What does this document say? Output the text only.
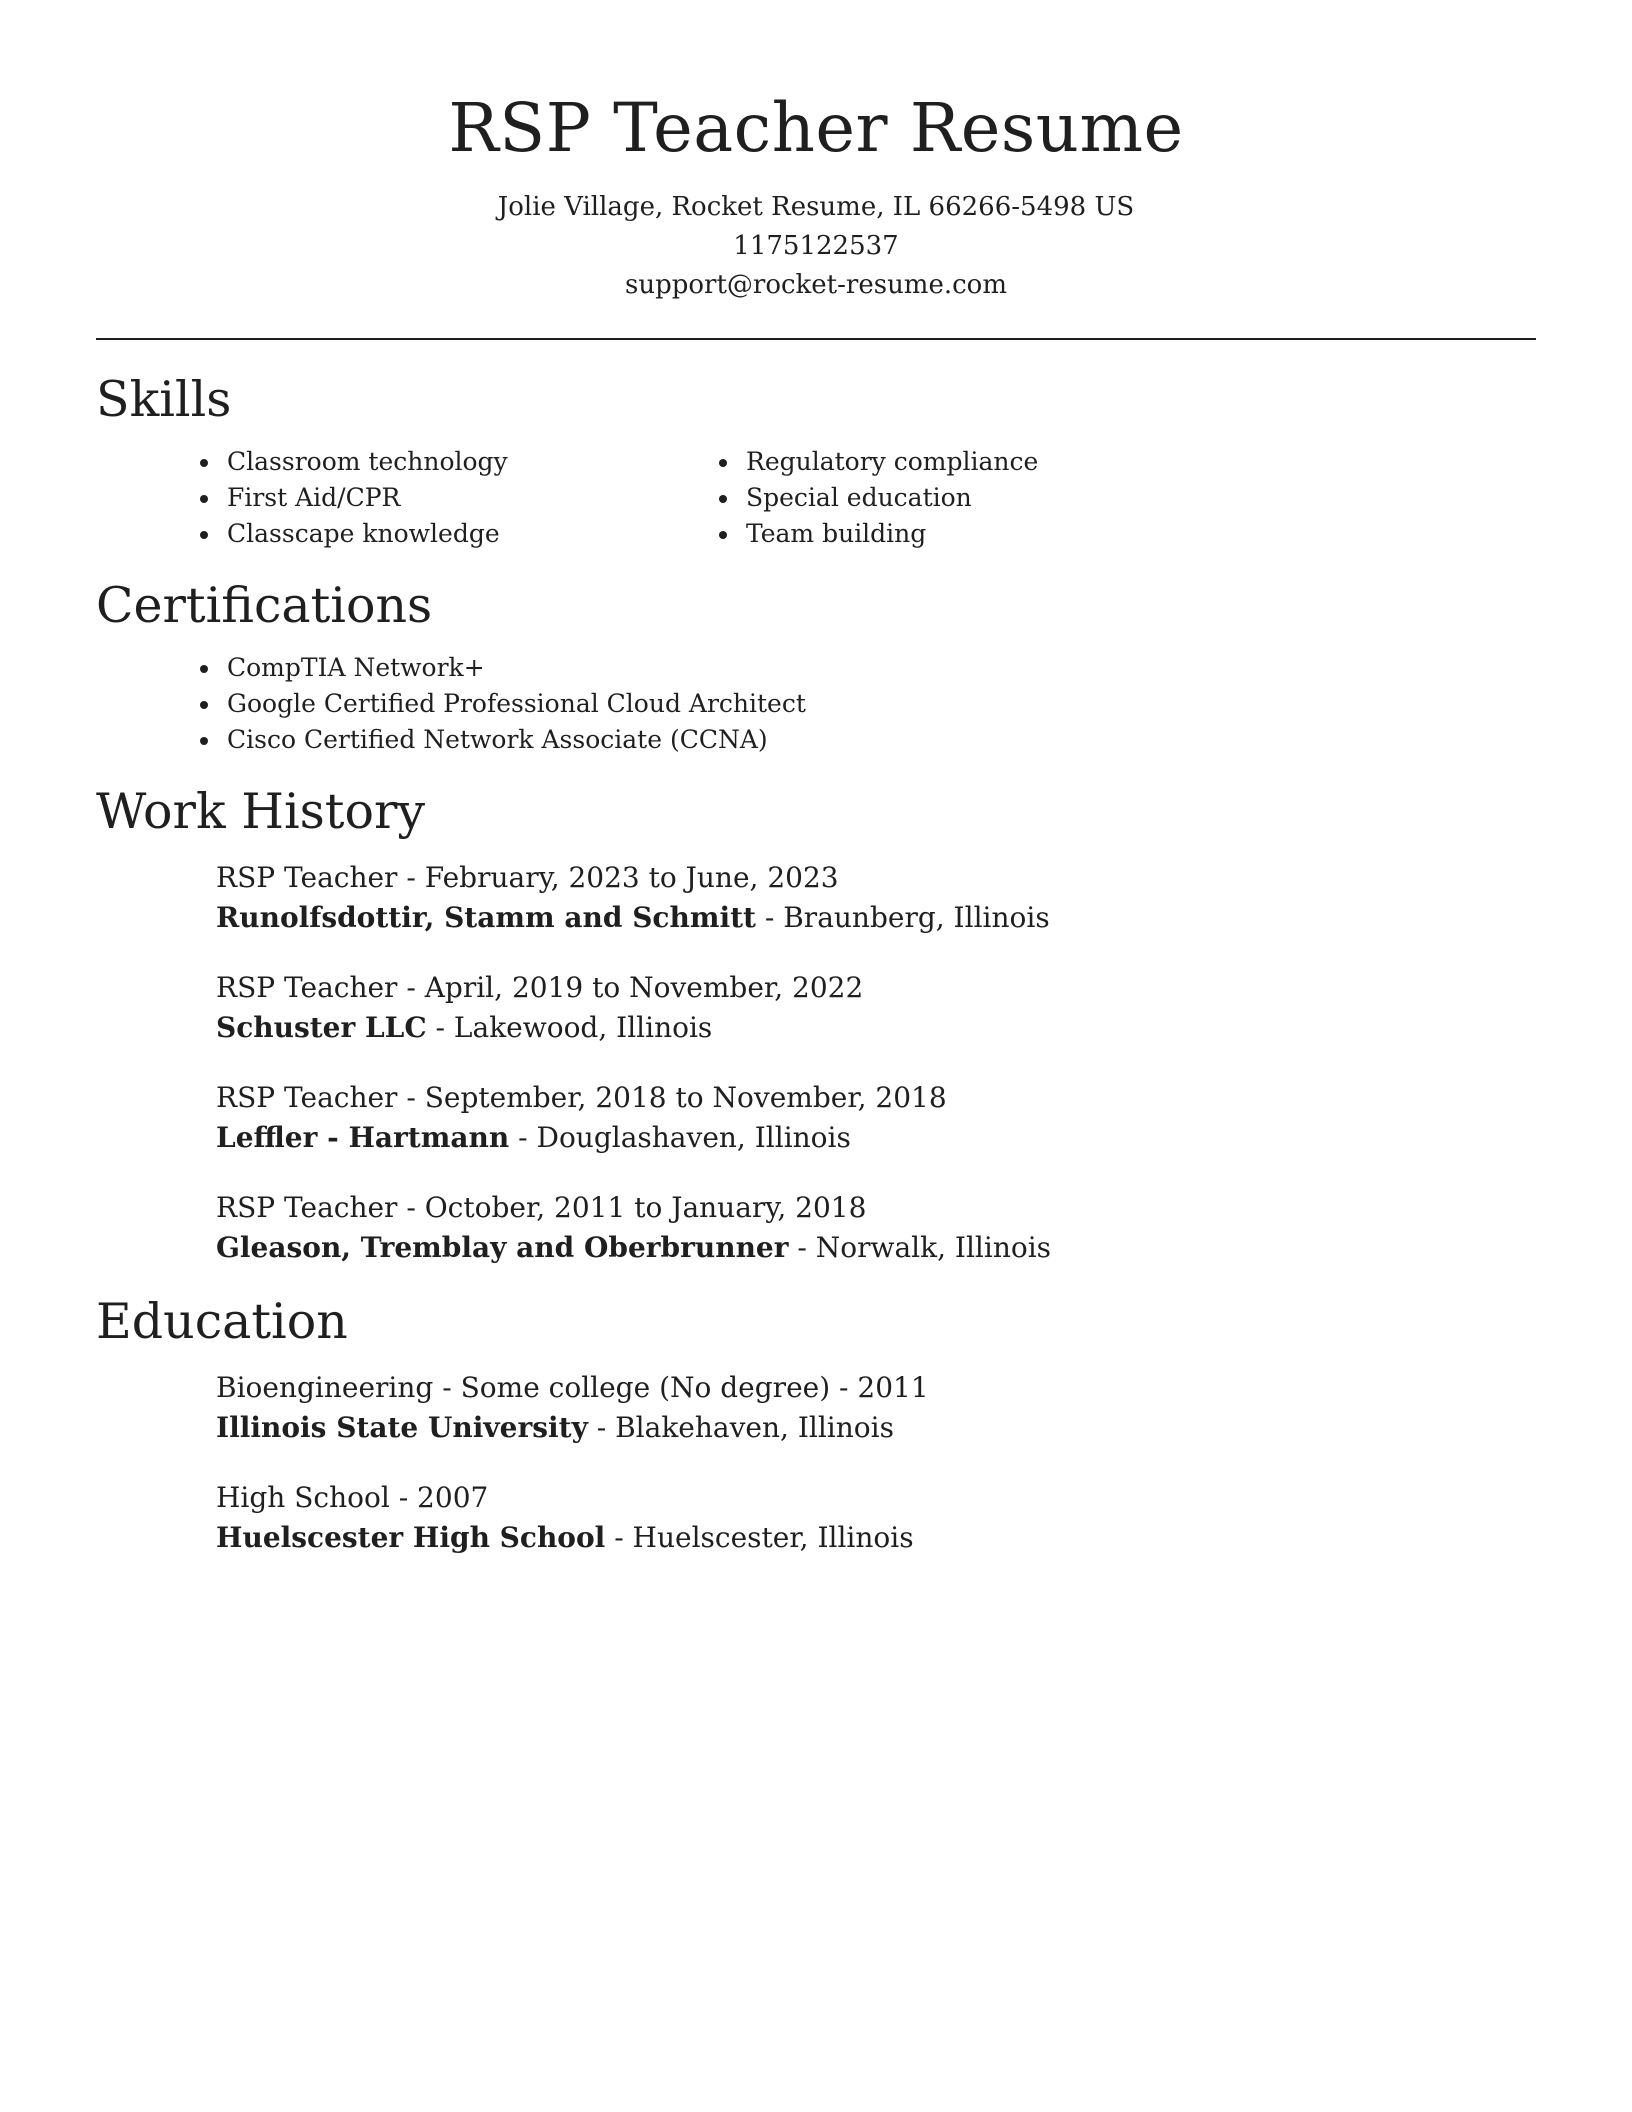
RSP Teacher Resume
Jolie Village, Rocket Resume, IL 66266-5498 US
1175122537
support@rocket-resume.com
Skills
Classroom technology
First Aid/CPR
Classcape knowledge
Regulatory compliance
Special education
Team building
Certifications
CompTIA Network+
Google Certified Professional Cloud Architect
Cisco Certified Network Associate (CCNA)
Work History
RSP Teacher - February, 2023 to June, 2023
Runolfsdottir, Stamm and Schmitt - Braunberg, Illinois
RSP Teacher - April, 2019 to November, 2022
Schuster LLC - Lakewood, Illinois
RSP Teacher - September, 2018 to November, 2018
Leffler - Hartmann - Douglashaven, Illinois
RSP Teacher - October, 2011 to January, 2018
Gleason, Tremblay and Oberbrunner - Norwalk, Illinois
Education
Bioengineering - Some college (No degree) - 2011
Illinois State University - Blakehaven, Illinois
High School - 2007
Huelscester High School - Huelscester, Illinois
